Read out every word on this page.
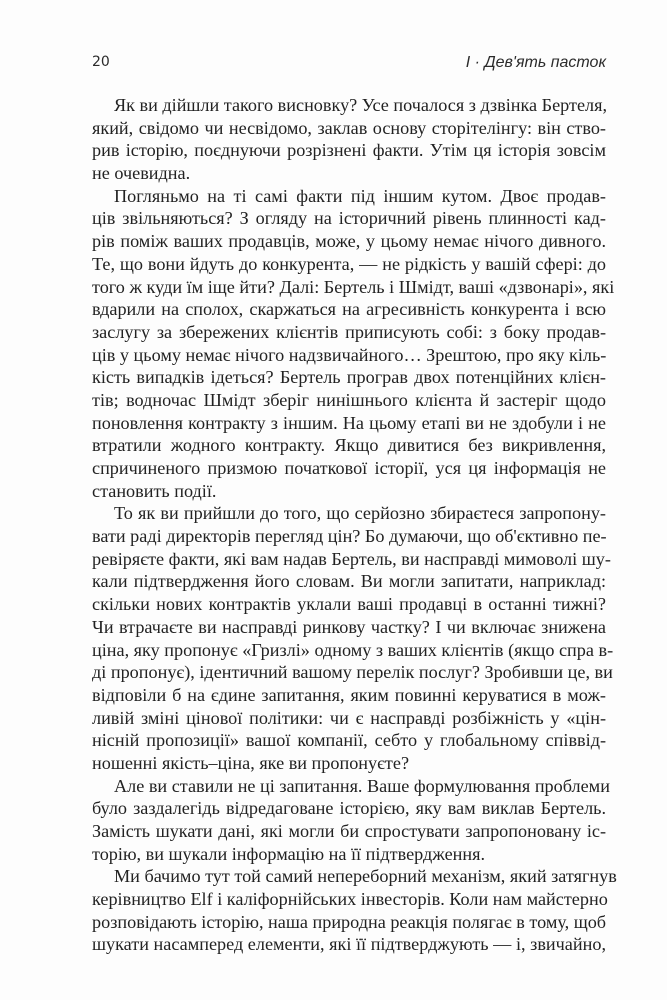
20	I · Дев'ять пасток
Як ви дійшли такого висновку? Усе почалося з дзвінка Бертеля,
який, свідомо чи несвідомо, заклав основу сторітелінгу: він ство-
рив історію, поєднуючи розрізнені факти. Утім ця історія зовсім
не очевидна.
Погляньмо на ті самі факти під іншим кутом. Двоє продав-
ців звільняються? З огляду на історичний рівень плинності кад-
рів поміж ваших продавців, може, у цьому немає нічого дивного.
Те, що вони йдуть до конкурента, — не рідкість у вашій сфері: до
того ж куди їм іще йти? Далі: Бертель і Шмідт, ваші «дзвонарі», які
вдарили на сполох, скаржаться на агресивність конкурента і всю
заслугу за збережених клієнтів приписують собі: з боку продав-
ців у цьому немає нічого надзвичайного… Зрештою, про яку кіль-
кість випадків ідеться? Бертель програв двох потенційних клієн-
тів; водночас Шмідт зберіг нинішнього клієнта й застеріг щодо
поновлення контракту з іншим. На цьому етапі ви не здобули і не
втратили жодного контракту. Якщо дивитися без викривлення,
спричиненого призмою початкової історії, уся ця інформація не
становить події.
То як ви прийшли до того, що серйозно збираєтеся запропону-
вати раді директорів перегляд цін? Бо думаючи, що об'єктивно пе-
ревіряєте факти, які вам надав Бертель, ви насправді мимоволі шу-
кали підтвердження його словам. Ви могли запитати, наприклад:
скільки нових контрактів уклали ваші продавці в останні тижні?
Чи втрачаєте ви насправді ринкову частку? І чи включає знижена
ціна, яку пропонує «Гризлі» одному з ваших клієнтів (якщо спра в-
ді пропонує), ідентичний вашому перелік послуг? Зробивши це, ви
відповіли б на єдине запитання, яким повинні керуватися в мож-
ливій зміні цінової політики: чи є насправді розбіжність у «цін-
нісній пропозиції» вашої компанії, себто у глобальному співвід-
ношенні якість–ціна, яке ви пропонуєте?
Але ви ставили не ці запитання. Ваше формулювання проблеми
було заздалегідь відредаговане історією, яку вам виклав Бертель.
Замість шукати дані, які могли би спростувати запропоновану іс-
торію, ви шукали інформацію на її підтвердження.
Ми бачимо тут той самий непереборний механізм, який затягнув
керівництво Elf і каліфорнійських інвесторів. Коли нам майстерно
розповідають історію, наша природна реакція полягає в тому, щоб
шукати насамперед елементи, які її підтверджують — і, звичайно,
